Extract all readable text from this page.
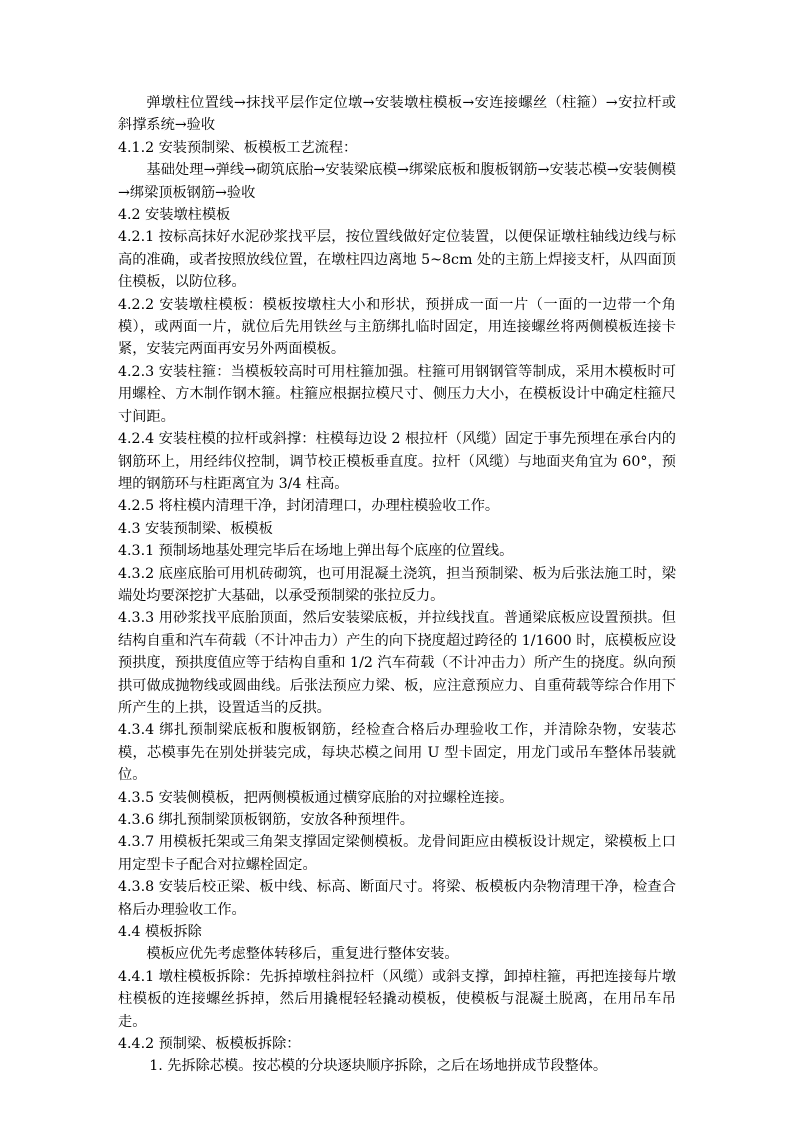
弹墩柱位置线→抹找平层作定位墩→安装墩柱模板→安连接螺丝（柱箍）→安拉杆或斜撑系统→验收

4.1.2 安装预制梁、板模板工艺流程：

基础处理→弹线→砌筑底胎→安装梁底模→绑梁底板和腹板钢筋→安装芯模→安装侧模→绑梁顶板钢筋→验收

4.2 安装墩柱模板

4.2.1 按标高抹好水泥砂浆找平层，按位置线做好定位装置，以便保证墩柱轴线边线与标高的准确，或者按照放线位置，在墩柱四边离地 5~8cm 处的主筋上焊接支杆，从四面顶住模板，以防位移。

4.2.2 安装墩柱模板：模板按墩柱大小和形状，预拼成一面一片（一面的一边带一个角模），或两面一片，就位后先用铁丝与主筋绑扎临时固定，用连接螺丝将两侧模板连接卡紧，安装完两面再安另外两面模板。

4.2.3 安装柱箍：当模板较高时可用柱箍加强。柱箍可用钢钢管等制成，采用木模板时可用螺栓、方木制作钢木箍。柱箍应根据拉模尺寸、侧压力大小，在模板设计中确定柱箍尺寸间距。

4.2.4 安装柱模的拉杆或斜撑：柱模每边设 2 根拉杆（风缆）固定于事先预埋在承台内的钢筋环上，用经纬仪控制，调节校正模板垂直度。拉杆（风缆）与地面夹角宜为 60°，预埋的钢筋环与柱距离宜为 3/4 柱高。

4.2.5 将柱模内清理干净，封闭清理口，办理柱模验收工作。

4.3 安装预制梁、板模板

4.3.1 预制场地基处理完毕后在场地上弹出每个底座的位置线。

4.3.2 底座底胎可用机砖砌筑，也可用混凝土浇筑，担当预制梁、板为后张法施工时，梁端处均要深挖扩大基础，以承受预制梁的张拉反力。

4.3.3 用砂浆找平底胎顶面，然后安装梁底板，并拉线找直。普通梁底板应设置预拱。但结构自重和汽车荷载（不计冲击力）产生的向下挠度超过跨径的 1/1600 时，底模板应设预拱度，预拱度值应等于结构自重和 1/2 汽车荷载（不计冲击力）所产生的挠度。纵向预拱可做成抛物线或圆曲线。后张法预应力梁、板，应注意预应力、自重荷载等综合作用下所产生的上拱，设置适当的反拱。

4.3.4 绑扎预制梁底板和腹板钢筋，经检查合格后办理验收工作，并清除杂物，安装芯模，芯模事先在别处拼装完成，每块芯模之间用 U 型卡固定，用龙门或吊车整体吊装就位。

4.3.5 安装侧模板，把两侧模板通过横穿底胎的对拉螺栓连接。

4.3.6 绑扎预制梁顶板钢筋，安放各种预埋件。

4.3.7 用模板托架或三角架支撑固定梁侧模板。龙骨间距应由模板设计规定，梁模板上口用定型卡子配合对拉螺栓固定。

4.3.8 安装后校正梁、板中线、标高、断面尺寸。将梁、板模板内杂物清理干净，检查合格后办理验收工作。

4.4 模板拆除

模板应优先考虑整体转移后，重复进行整体安装。

4.4.1 墩柱模板拆除：先拆掉墩柱斜拉杆（风缆）或斜支撑，卸掉柱箍，再把连接每片墩柱模板的连接螺丝拆掉，然后用撬棍轻轻撬动模板，使模板与混凝土脱离，在用吊车吊走。

4.4.2 预制梁、板模板拆除：

1. 先拆除芯模。按芯模的分块逐块顺序拆除，之后在场地拼成节段整体。
